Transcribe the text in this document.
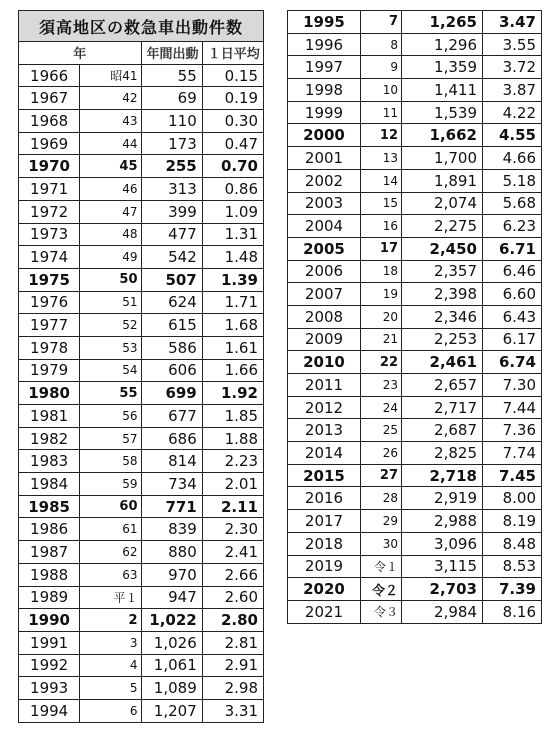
須高地区の救急車出動件数			
年		年間出動	１日平均
1966	昭41	55	0.15
1967	42	69	0.19
1968	43	110	0.30
1969	44	173	0.47
1970	45	255	0.70
1971	46	313	0.86
1972	47	399	1.09
1973	48	477	1.31
1974	49	542	1.48
1975	50	507	1.39
1976	51	624	1.71
1977	52	615	1.68
1978	53	586	1.61
1979	54	606	1.66
1980	55	699	1.92
1981	56	677	1.85
1982	57	686	1.88
1983	58	814	2.23
1984	59	734	2.01
1985	60	771	2.11
1986	61	839	2.30
1987	62	880	2.41
1988	63	970	2.66
1989	平１	947	2.60
1990	2	1,022	2.80
1991	3	1,026	2.81
1992	4	1,061	2.91
1993	5	1,089	2.98
1994	6	1,207	3.31
1995	7	1,265	3.47
1996	8	1,296	3.55
1997	9	1,359	3.72
1998	10	1,411	3.87
1999	11	1,539	4.22
2000	12	1,662	4.55
2001	13	1,700	4.66
2002	14	1,891	5.18
2003	15	2,074	5.68
2004	16	2,275	6.23
2005	17	2,450	6.71
2006	18	2,357	6.46
2007	19	2,398	6.60
2008	20	2,346	6.43
2009	21	2,253	6.17
2010	22	2,461	6.74
2011	23	2,657	7.30
2012	24	2,717	7.44
2013	25	2,687	7.36
2014	26	2,825	7.74
2015	27	2,718	7.45
2016	28	2,919	8.00
2017	29	2,988	8.19
2018	30	3,096	8.48
2019	令１	3,115	8.53
2020	令２	2,703	7.39
2021	令３	2,984	8.16
